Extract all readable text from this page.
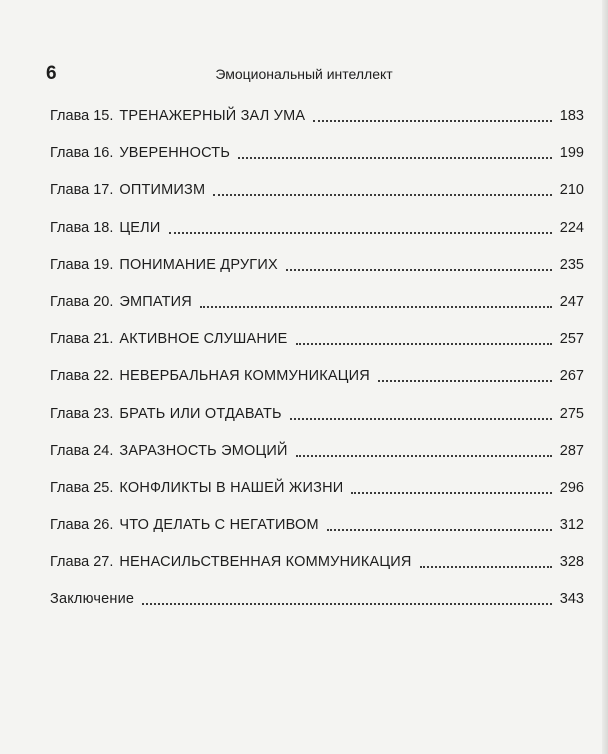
6	Эмоциональный интеллект
Глава 15. ТРЕНАЖЕРНЫЙ ЗАЛ УМА	183
Глава 16. УВЕРЕННОСТЬ	199
Глава 17. ОПТИМИЗМ	210
Глава 18. ЦЕЛИ	224
Глава 19. ПОНИМАНИЕ ДРУГИХ	235
Глава 20. ЭМПАТИЯ	247
Глава 21. АКТИВНОЕ СЛУШАНИЕ	257
Глава 22. НЕВЕРБАЛЬНАЯ КОММУНИКАЦИЯ	267
Глава 23. БРАТЬ ИЛИ ОТДАВАТЬ	275
Глава 24. ЗАРАЗНОСТЬ ЭМОЦИЙ	287
Глава 25. КОНФЛИКТЫ В НАШЕЙ ЖИЗНИ	296
Глава 26. ЧТО ДЕЛАТЬ С НЕГАТИВОМ	312
Глава 27. НЕНАСИЛЬСТВЕННАЯ КОММУНИКАЦИЯ	328
Заключение	343
